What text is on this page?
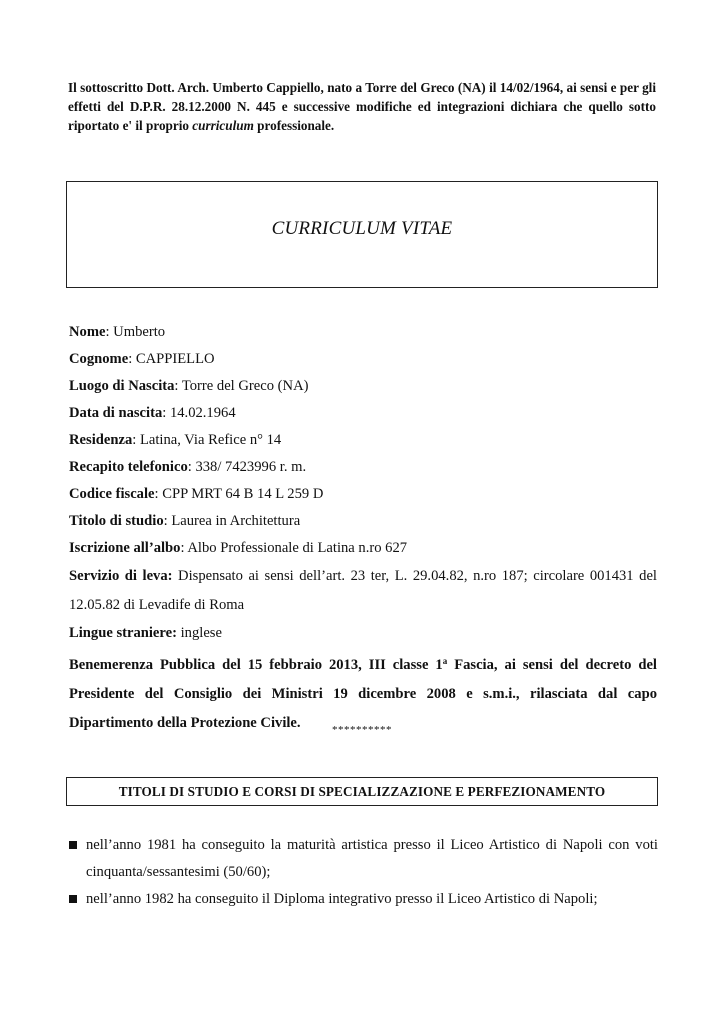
Il sottoscritto Dott. Arch. Umberto Cappiello, nato a Torre del Greco (NA) il 14/02/1964, ai sensi e per gli effetti del D.P.R. 28.12.2000 N. 445 e successive modifiche ed integrazioni dichiara che quello sotto riportato e' il proprio curriculum professionale.
CURRICULUM VITAE
Nome: Umberto
Cognome: CAPPIELLO
Luogo di Nascita: Torre del Greco (NA)
Data di nascita: 14.02.1964
Residenza: Latina, Via Refice n° 14
Recapito telefonico: 338/ 7423996 r. m.
Codice fiscale: CPP MRT 64 B 14 L 259 D
Titolo di studio: Laurea in Architettura
Iscrizione all’albo: Albo Professionale di Latina n.ro 627
Servizio di leva: Dispensato ai sensi dell’art. 23 ter, L. 29.04.82, n.ro 187; circolare 001431 del 12.05.82 di Levadife di Roma
Lingue straniere: inglese
Benemerenza Pubblica del 15 febbraio 2013, III classe 1$^a$ Fascia, ai sensi del decreto del Presidente del Consiglio dei Ministri 19 dicembre 2008 e s.m.i., rilasciata dal capo Dipartimento della Protezione Civile.	**********
TITOLI DI STUDIO E CORSI DI SPECIALIZZAZIONE E PERFEZIONAMENTO
nell’anno 1981 ha conseguito la maturità artistica presso il Liceo Artistico di Napoli con voti cinquanta/sessantesimi (50/60);
nell’anno 1982 ha conseguito il Diploma integrativo presso il Liceo Artistico di Napoli;
